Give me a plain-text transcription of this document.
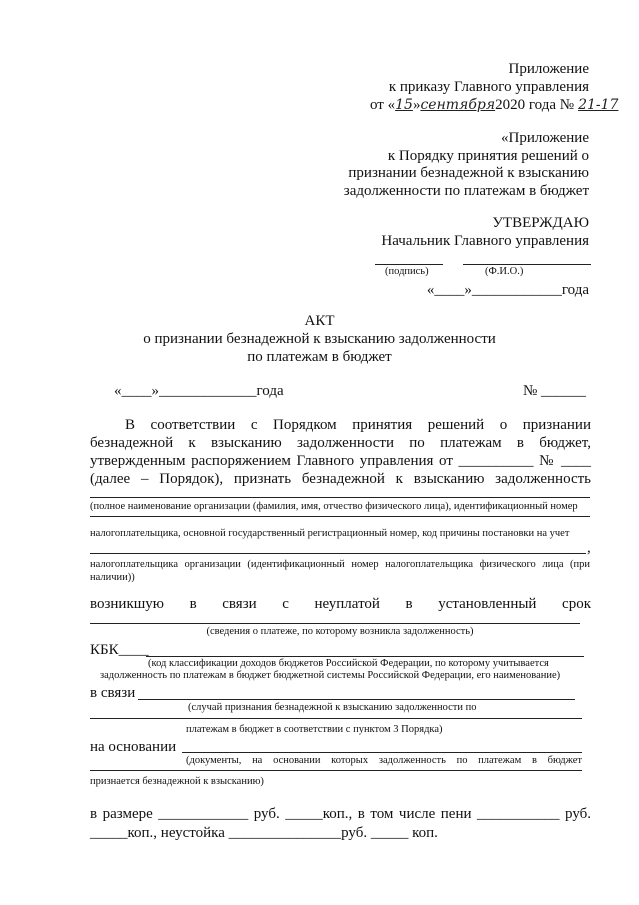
Приложение
к приказу Главного управления
от «15»сентября2020 года № 21-17
«Приложение
к Порядку принятия решений о
признании безнадежной к взысканию
задолженности по платежам в бюджет
УТВЕРЖДАЮ
Начальник Главного управления
(подпись)	(Ф.И.О.)
«____»____________года
АКТ
о признании безнадежной к взысканию задолженности
по платежам в бюджет
«____»_____________года	№ ______
В соответствии с Порядком принятия решений о признании
безнадежной к взысканию задолженности по платежам в бюджет,
утвержденным распоряжением Главного управления от __________ № ____
(далее – Порядок), признать безнадежной к взысканию задолженность
(полное наименование организации (фамилия, имя, отчество физического лица), идентификационный номер
налогоплательщика, основной государственный регистрационный номер, код причины постановки на учет
,
налогоплательщика организации (идентификационный номер налогоплательщика физического лица (при наличии))
возникшую в связи с неуплатой в установленный срок
(сведения о платеже, по которому возникла задолженность)
КБК____
(код классификации доходов бюджетов Российской Федерации, по которому учитывается
задолженность по платежам в бюджет бюджетной системы Российской Федерации, его наименование)
в связи
(случай признания безнадежной к взысканию задолженности по
платежам в бюджет в соответствии с пунктом 3 Порядка)
на основании
(документы, на основании которых задолженность по платежам в бюджет
признается безнадежной к взысканию)
в размере ____________ руб. _____коп., в том числе пени ___________ руб.
_____коп., неустойка _______________руб. _____ коп.
